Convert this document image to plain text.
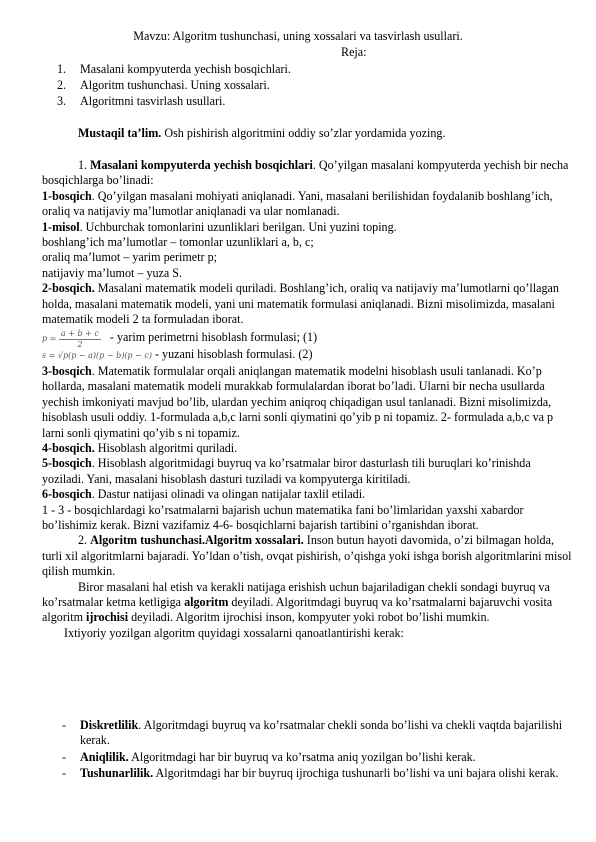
Mavzu: Algoritm tushunchasi, uning xossalari va tasvirlash usullari.
Reja:
1. Masalani kompyuterda yechish bosqichlari.
2. Algoritm tushunchasi. Uning xossalari.
3. Algoritmni tasvirlash usullari.
Mustaqil ta’lim. Osh pishirish algoritmini oddiy so’zlar yordamida yozing.

1. Masalani kompyuterda yechish bosqichlari. Qo’yilgan masalani kompyuterda yechish bir necha bosqichlarga bo’linadi:

1-bosqich. Qo’yilgan masalani mohiyati aniqlanadi. Yani, masalani berilishidan foydalanib boshlang’ich, oraliq va natijaviy ma’lumotlar aniqlanadi va ular nomlanadi.

1-misol. Uchburchak tomonlarini uzunliklari berilgan. Uni yuzini toping.

boshlang’ich ma’lumotlar – tomonlar uzunliklari a, b, c;

oraliq ma’lumot – yarim perimetr p;

natijaviy ma’lumot – yuza S.

2-bosqich. Masalani matematik modeli quriladi. Boshlang’ich, oraliq va natijaviy ma’lumotlarni qo’llagan holda, masalani matematik modeli, yani uni matematik formulasi aniqlanadi. Bizni misolimizda, masalani matematik modeli 2 ta formuladan iborat.

$p = \frac{a + b + c}{2}$ - yarim perimetrni hisoblash formulasi; (1)

s = √p(p − a)(p − b)(p − c) - yuzani hisoblash formulasi. (2)

3-bosqich. Matematik formulalar orqali aniqlangan matematik modelni hisoblash usuli tanlanadi. Ko’p hollarda, masalani matematik modeli murakkab formulalardan iborat bo’ladi. Ularni bir necha usullarda yechish imkoniyati mavjud bo’lib, ulardan yechim aniqroq chiqadigan usul tanlanadi. Bizni misolimizda, hisoblash usuli oddiy. 1-formulada a,b,c larni sonli qiymatini qo’yib p ni topamiz. 2- formulada a,b,c va p larni sonli qiymatini qo’yib s ni topamiz.

4-bosqich. Hisoblash algoritmi quriladi.

5-bosqich. Hisoblash algoritmidagi buyruq va ko’rsatmalar biror dasturlash tili buruqlari ko’rinishda yoziladi. Yani, masalani hisoblash dasturi tuziladi va kompyuterga kiritiladi.

6-bosqich. Dastur natijasi olinadi va olingan natijalar taxlil etiladi.

1 - 3 - bosqichlardagi ko’rsatmalarni bajarish uchun matematika fani bo’limlaridan yaxshi xabardor bo’lishimiz kerak. Bizni vazifamiz 4-6- bosqichlarni bajarish tartibini o’rganishdan iborat.

2. Algoritm tushunchasi.Algoritm xossalari. Inson butun hayoti davomida, o’zi bilmagan holda, turli xil algoritmlarni bajaradi. Yo’ldan o’tish, ovqat pishirish, o’qishga yoki ishga borish algoritmlarini misol qilish mumkin.

Biror masalani hal etish va kerakli natijaga erishish uchun bajariladigan chekli sondagi buyruq va ko’rsatmalar ketma ketligiga algoritm deyiladi. Algoritmdagi buyruq va ko’rsatmalarni bajaruvchi vosita algoritm ijrochisi deyiladi. Algoritm ijrochisi inson, kompyuter yoki robot bo’lishi mumkin.

Ixtiyoriy yozilgan algoritm quyidagi xossalarni qanoatlantirishi kerak:

- Diskretlilik. Algoritmdagi buyruq va ko’rsatmalar chekli sonda bo’lishi va chekli vaqtda bajarilishi kerak.
- Aniqlilik. Algoritmdagi har bir buyruq va ko’rsatma aniq yozilgan bo’lishi kerak.
- Tushunarlilik. Algoritmdagi har bir buyruq ijrochiga tushunarli bo’lishi va uni bajara olishi kerak.
